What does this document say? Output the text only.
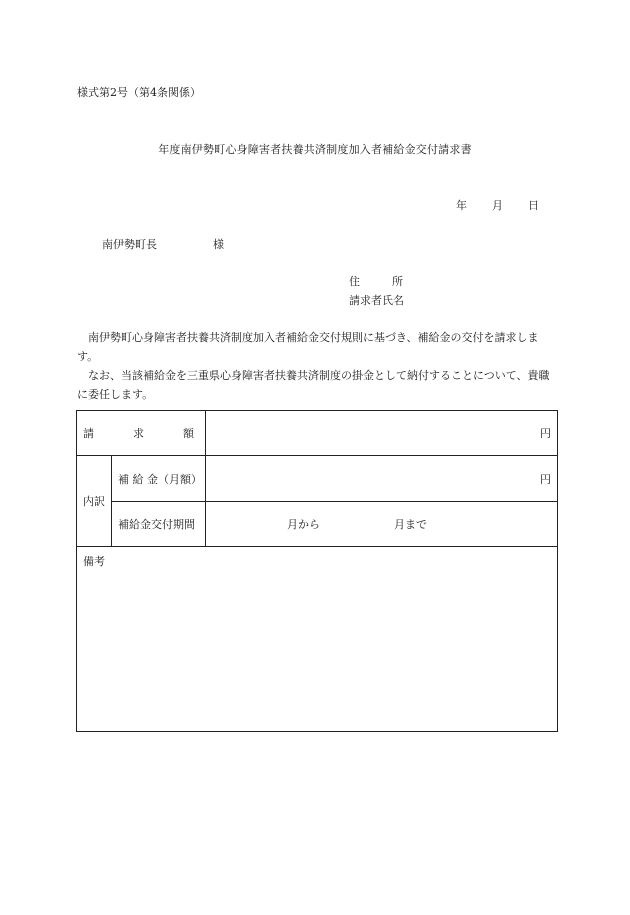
様式第2号（第4条関係）
年度南伊勢町心身障害者扶養共済制度加入者補給金交付請求書
年 月 日
南伊勢町長	様
住	所
請求者氏名
南伊勢町心身障害者扶養共済制度加入者補給金交付規則に基づき、補給金の交付を請求します。
なお、当該補給金を三重県心身障害者扶養共済制度の掛金として納付することについて、貴職に委任します。
請 求 額		円
内訳	補 給 金（月額）	円
	補給金交付期間	月から 月まで

備考		
